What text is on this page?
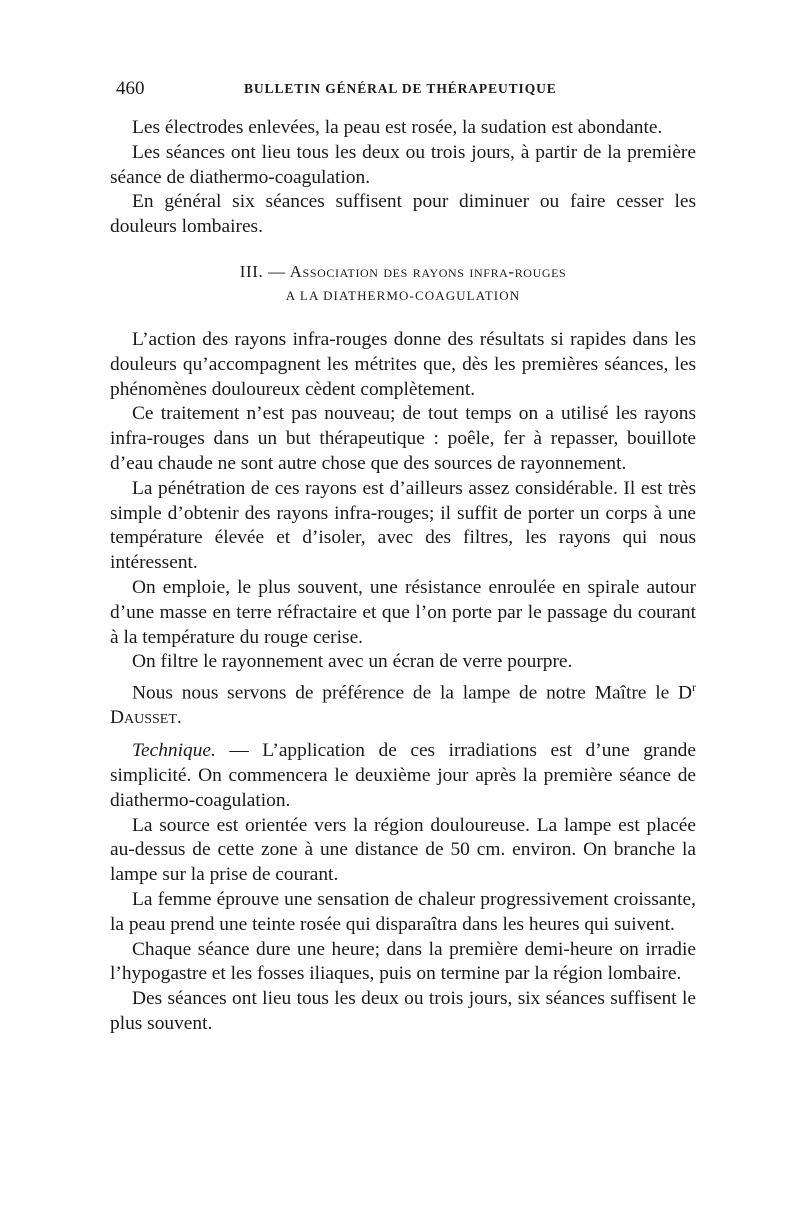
460	BULLETIN GÉNÉRAL DE THÉRAPEUTIQUE

Les électrodes enlevées, la peau est rosée, la sudation est abondante.

Les séances ont lieu tous les deux ou trois jours, à partir de la première séance de diathermo-coagulation.

En général six séances suffisent pour diminuer ou faire cesser les douleurs lombaires.

III. — Association des rayons infra-rouges
A LA DIATHERMO-COAGULATION

L’action des rayons infra-rouges donne des résultats si rapides dans les douleurs qu’accompagnent les métrites que, dès les premières séances, les phénomènes douloureux cèdent complètement.

Ce traitement n’est pas nouveau; de tout temps on a utilisé les rayons infra-rouges dans un but thérapeutique : poêle, fer à repasser, bouillote d’eau chaude ne sont autre chose que des sources de rayonnement.

La pénétration de ces rayons est d’ailleurs assez considérable. Il est très simple d’obtenir des rayons infra-rouges; il suffit de porter un corps à une température élevée et d’isoler, avec des filtres, les rayons qui nous intéressent.

On emploie, le plus souvent, une résistance enroulée en spirale autour d’une masse en terre réfractaire et que l’on porte par le passage du courant à la température du rouge cerise.

On filtre le rayonnement avec un écran de verre pourpre.

Nous nous servons de préférence de la lampe de notre Maître le $D^r$ Dausset.

Technique. — L’application de ces irradiations est d’une grande simplicité. On commencera le deuxième jour après la première séance de diathermo-coagulation.

La source est orientée vers la région douloureuse. La lampe est placée au-dessus de cette zone à une distance de 50 cm. environ. On branche la lampe sur la prise de courant.

La femme éprouve une sensation de chaleur progressivement croissante, la peau prend une teinte rosée qui disparaîtra dans les heures qui suivent.

Chaque séance dure une heure; dans la première demi-heure on irradie l’hypogastre et les fosses iliaques, puis on termine par la région lombaire.

Des séances ont lieu tous les deux ou trois jours, six séances suffisent le plus souvent.
